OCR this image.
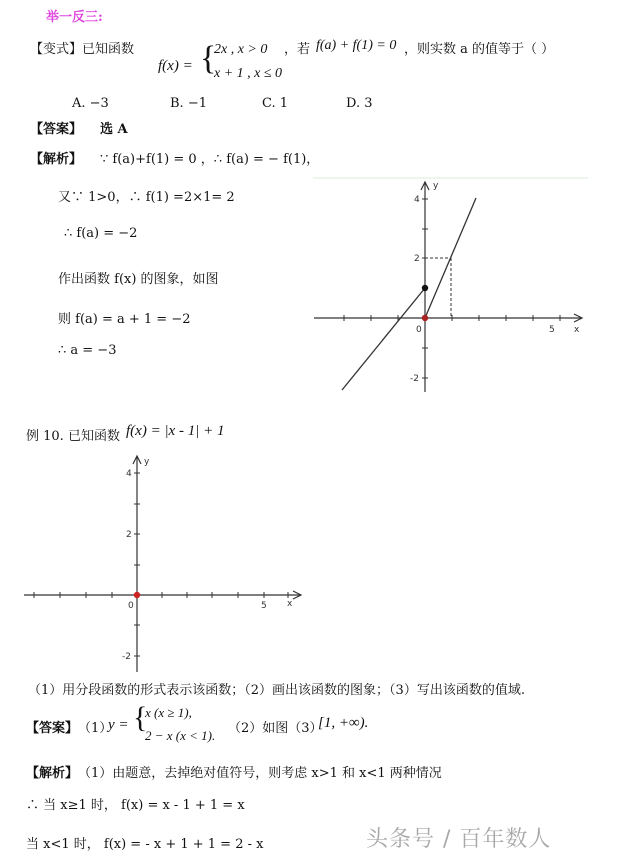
举一反三:
【变式】已知函数
f(x) = {
2x , x > 0
x + 1 , x ≤ 0
，若 f(a) + f(1) = 0 ，则实数 a 的值等于（ ）
A. −3	B. −1	C. 1	D. 3
【答案】 选 A
【解析】 ∵ f(a)+f(1) = 0 ，∴ f(a) = − f(1)，
又∵ 1>0，∴ f(1) =2×1= 2
∴ f(a) = −2
作出函数 f(x) 的图象，如图
则 f(a) = a + 1 = −2
∴ a = −3
y
x
0	5
4
2
-2
例 10. 已知函数 f(x) = |x - 1| + 1
y
x
0	5
4
2
-2
（1）用分段函数的形式表示该函数；（2）画出该函数的图象；（3）写出该函数的值域.
【答案】 （1）
y = {
x (x ≥ 1),
2 − x (x < 1). （2）如图（3）
[1, +∞).
【解析】 （1）由题意，去掉绝对值符号，则考虑 x>1 和 x<1 两种情况
∴ 当 x≥1 时， f(x) = x - 1 + 1 = x
当 x<1 时， f(x) = - x + 1 + 1 = 2 - x	头条号 / 百年数人
